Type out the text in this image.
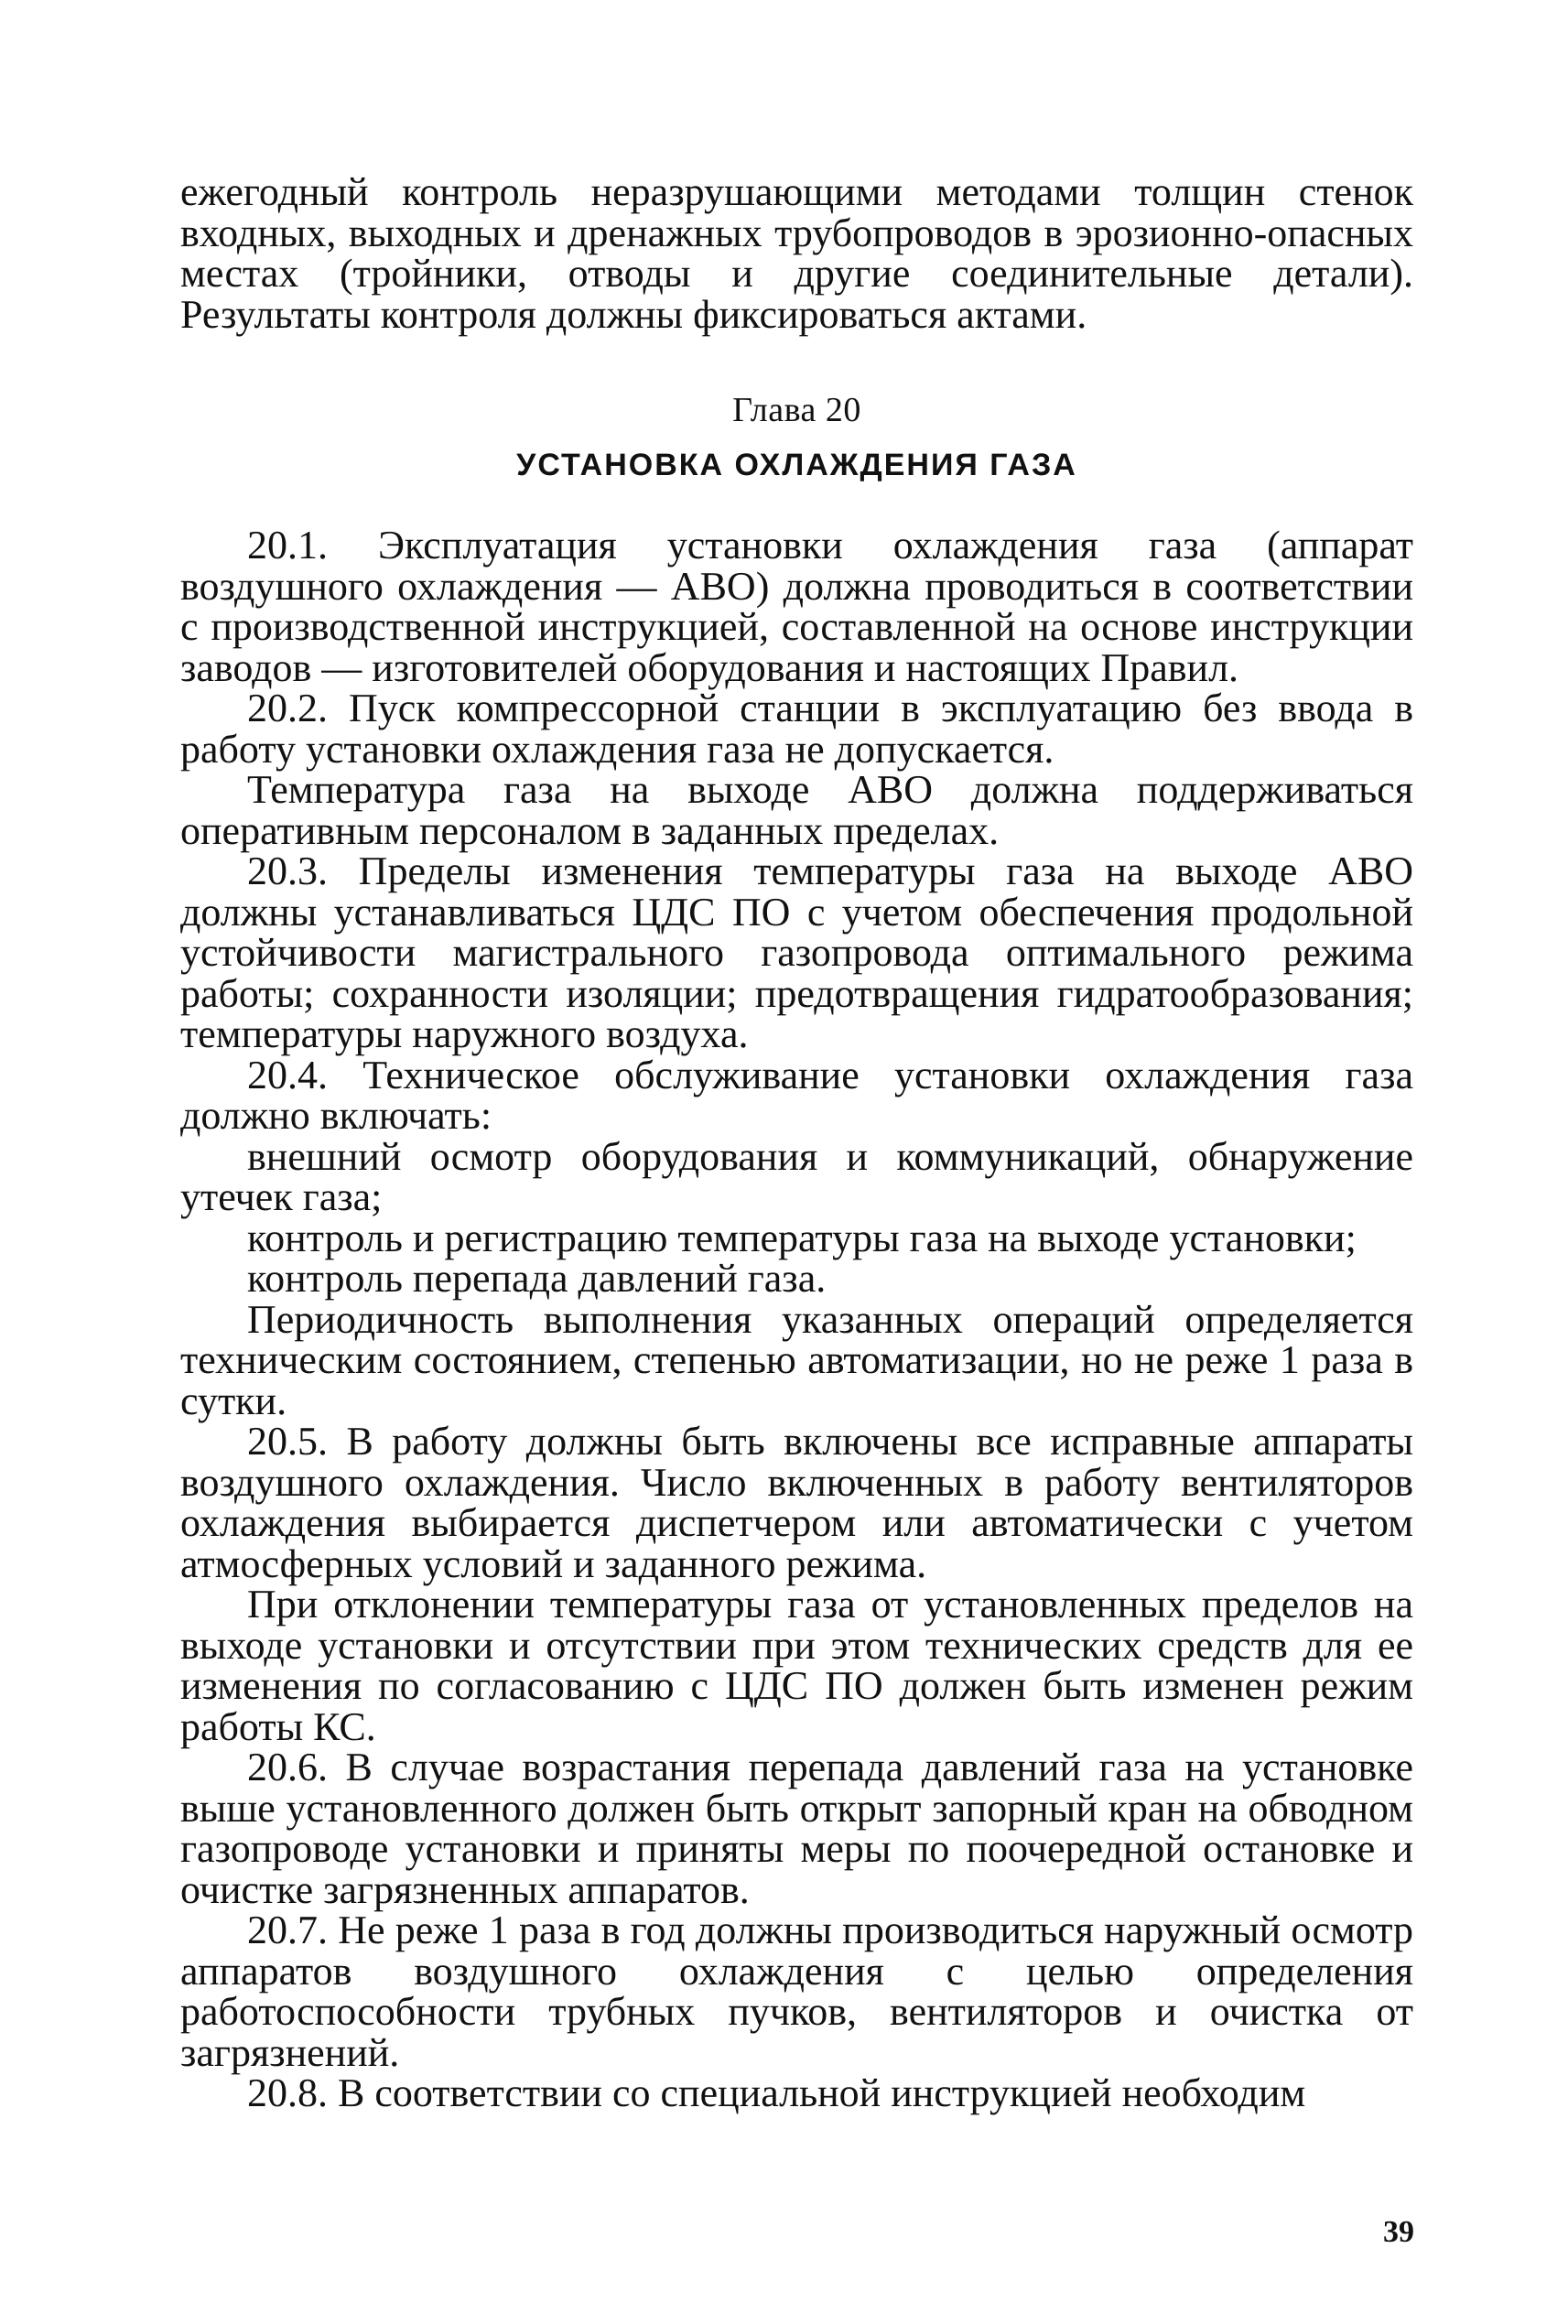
ежегодный контроль неразрушающими методами толщин стенок входных, выходных и дренажных трубопроводов в эрозионно-опасных местах (тройники, отводы и другие соединительные детали). Результаты контроля должны фиксироваться актами.

Глава 20

УСТАНОВКА ОХЛАЖДЕНИЯ ГАЗА

20.1. Эксплуатация установки охлаждения газа (аппарат воздушного охлаждения — АВО) должна проводиться в соответствии с производственной инструкцией, составленной на основе инструкции заводов — изготовителей оборудования и настоящих Правил.

20.2. Пуск компрессорной станции в эксплуатацию без ввода в работу установки охлаждения газа не допускается.

Температура газа на выходе АВО должна поддерживаться оперативным персоналом в заданных пределах.

20.3. Пределы изменения температуры газа на выходе АВО должны устанавливаться ЦДС ПО с учетом обеспечения продольной устойчивости магистрального газопровода оптимального режима работы; сохранности изоляции; предотвращения гидратообразования; температуры наружного воздуха.

20.4. Техническое обслуживание установки охлаждения газа должно включать:

внешний осмотр оборудования и коммуникаций, обнаружение утечек газа;

контроль и регистрацию температуры газа на выходе установки;

контроль перепада давлений газа.

Периодичность выполнения указанных операций определяется техническим состоянием, степенью автоматизации, но не реже 1 раза в сутки.

20.5. В работу должны быть включены все исправные аппараты воздушного охлаждения. Число включенных в работу вентиляторов охлаждения выбирается диспетчером или автоматически с учетом атмосферных условий и заданного режима.

При отклонении температуры газа от установленных пределов на выходе установки и отсутствии при этом технических средств для ее изменения по согласованию с ЦДС ПО должен быть изменен режим работы КС.

20.6. В случае возрастания перепада давлений газа на установке выше установленного должен быть открыт запорный кран на обводном газопроводе установки и приняты меры по поочередной остановке и очистке загрязненных аппаратов.

20.7. Не реже 1 раза в год должны производиться наружный осмотр аппаратов воздушного охлаждения с целью определения работоспособности трубных пучков, вентиляторов и очистка от загрязнений.

20.8. В соответствии со специальной инструкцией необходим

39
